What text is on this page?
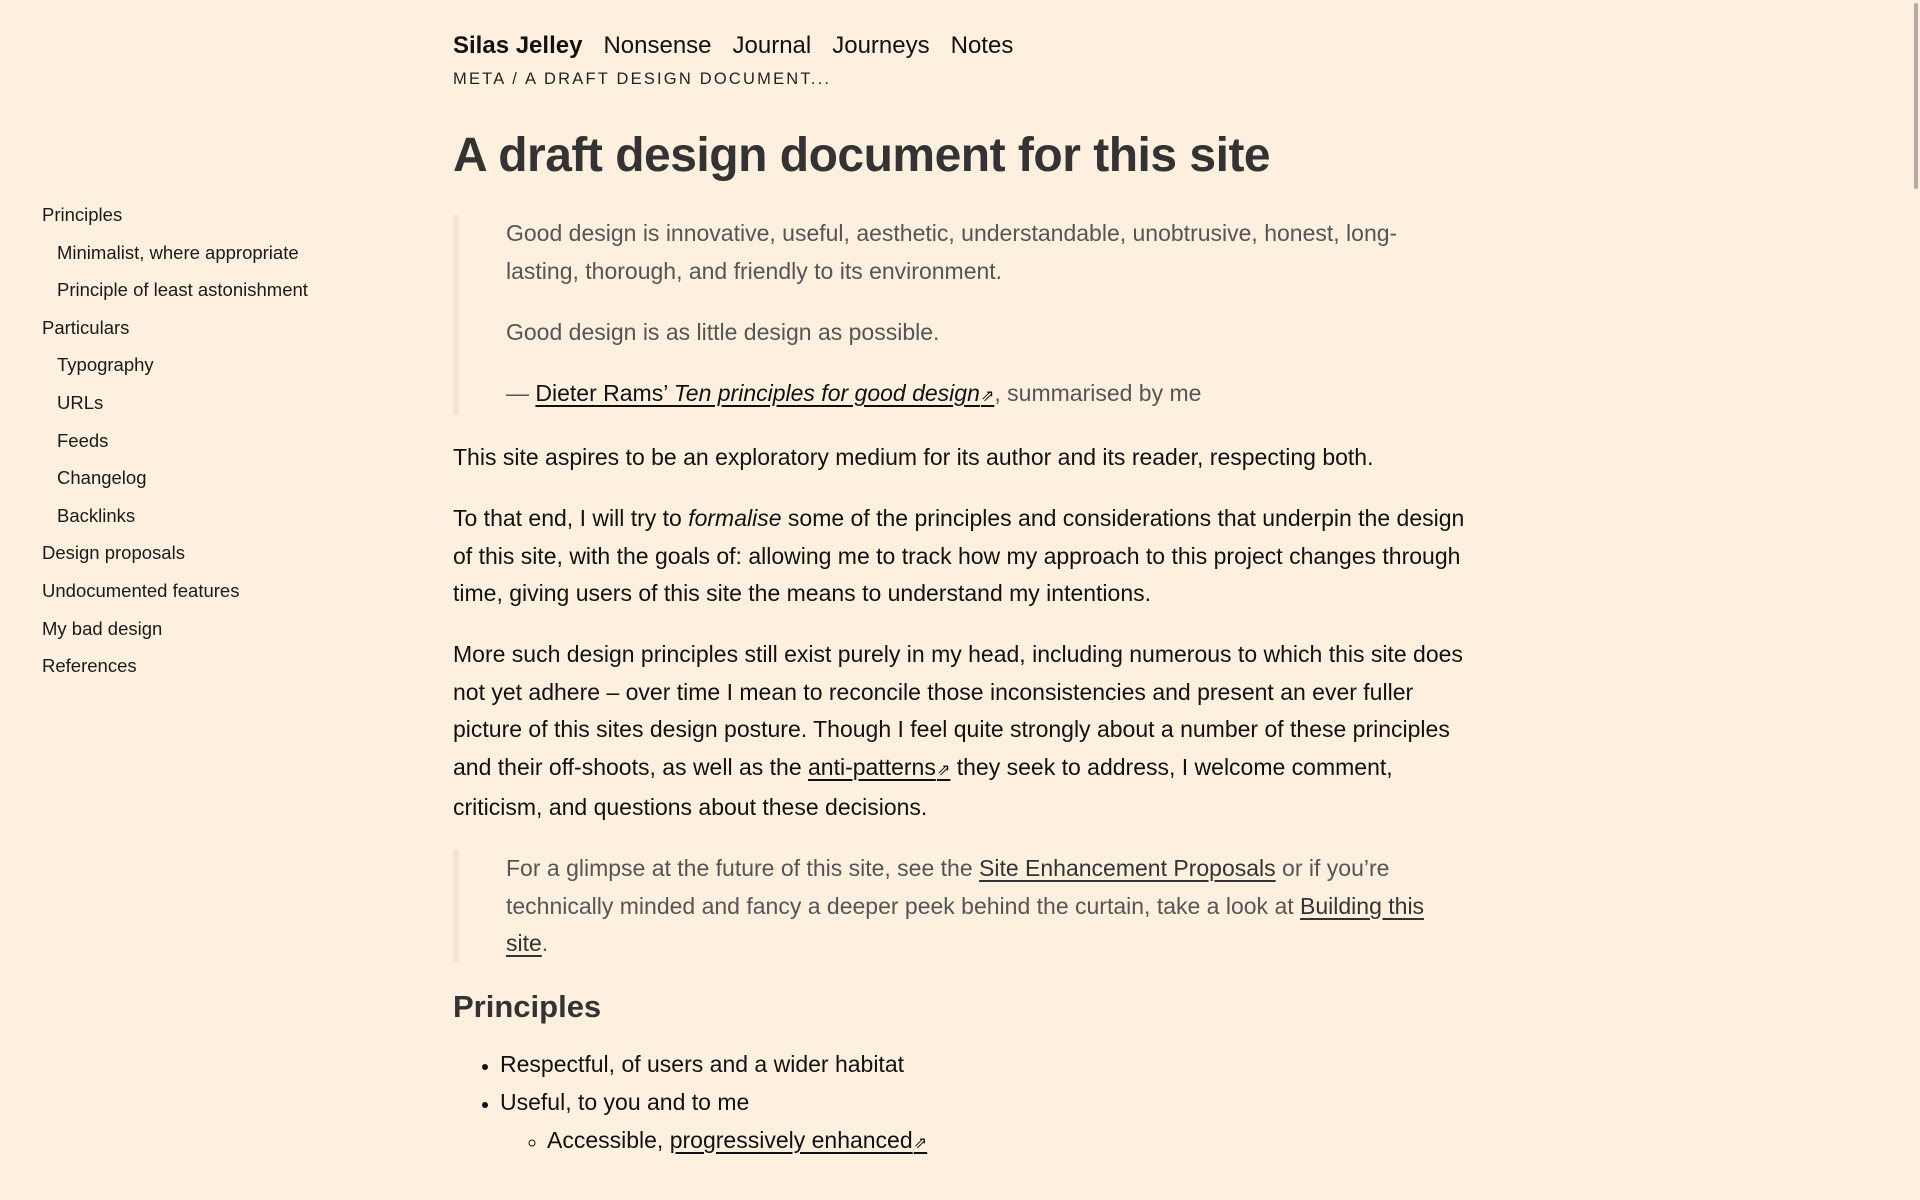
Principles
Minimalist, where appropriate
Principle of least astonishment
Particulars
Typography
URLs
Feeds
Changelog
Backlinks
Design proposals
Undocumented features
My bad design
References
Silas Jelley Nonsense Journal Journeys Notes
META / A DRAFT DESIGN DOCUMENT...
A draft design document for this site

Good design is innovative, useful, aesthetic, understandable, unobtrusive, honest, long-lasting, thorough, and friendly to its environment.

Good design is as little design as possible.

— Dieter Rams’ Ten principles for good design⇗, summarised by me

This site aspires to be an exploratory medium for its author and its reader, respecting both.

To that end, I will try to formalise some of the principles and considerations that underpin the design of this site, with the goals of: allowing me to track how my approach to this project changes through time, giving users of this site the means to understand my intentions.

More such design principles still exist purely in my head, including numerous to which this site does not yet adhere – over time I mean to reconcile those inconsistencies and present an ever fuller picture of this sites design posture. Though I feel quite strongly about a number of these principles and their off-shoots, as well as the anti-patterns⇗ they seek to address, I welcome comment, criticism, and questions about these decisions.

For a glimpse at the future of this site, see the Site Enhancement Proposals or if you’re technically minded and fancy a deeper peek behind the curtain, take a look at Building this site.

Principles
• Respectful, of users and a wider habitat
• Useful, to you and to me
◦ Accessible, progressively enhanced⇗
